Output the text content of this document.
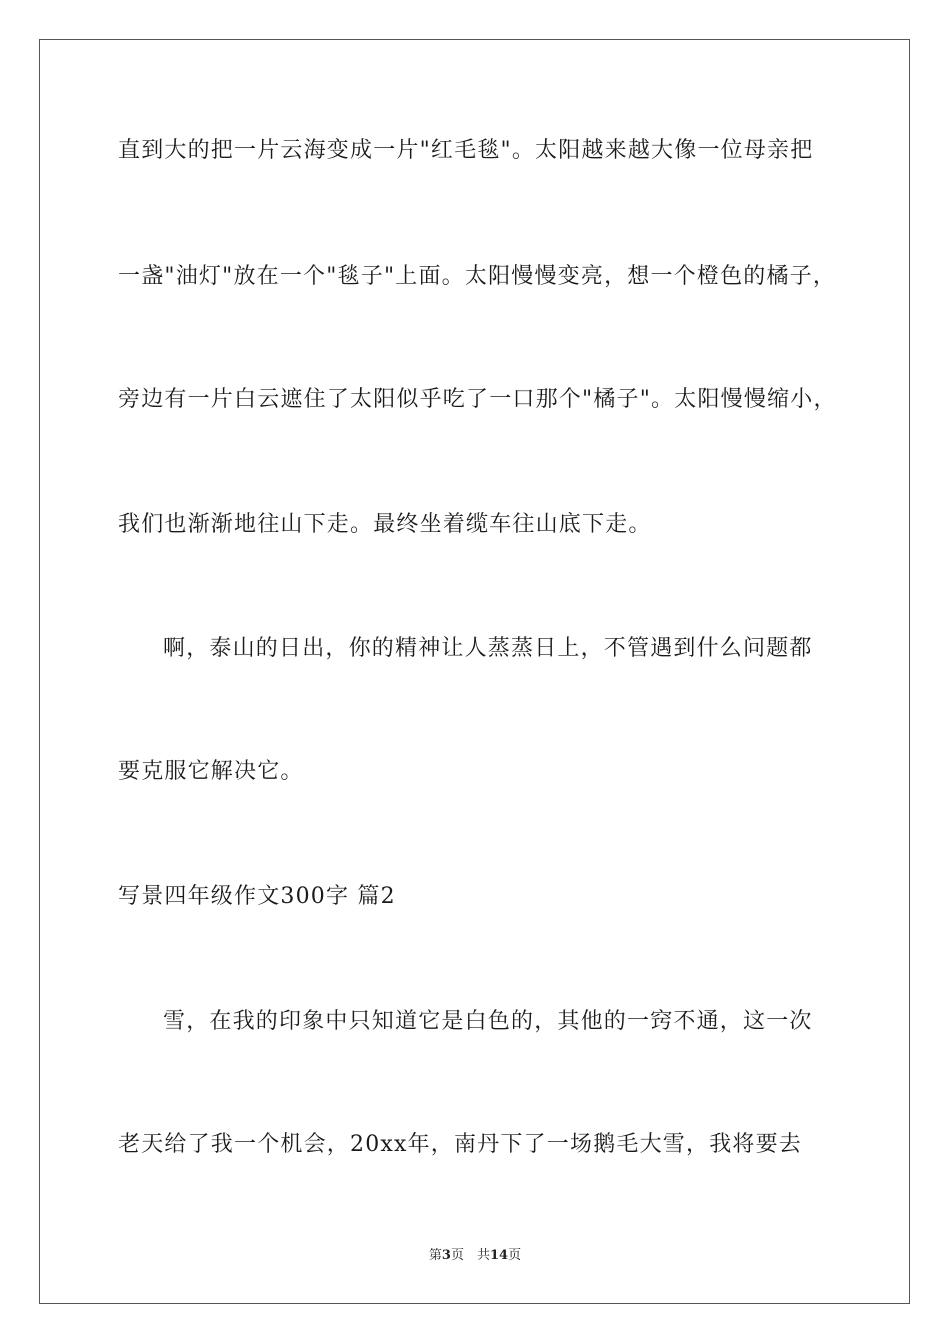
直到大的把一片云海变成一片"红毛毯"。太阳越来越大像一位母亲把
一盏"油灯"放在一个"毯子"上面。太阳慢慢变亮，想一个橙色的橘子，
旁边有一片白云遮住了太阳似乎吃了一口那个"橘子"。太阳慢慢缩小，
我们也渐渐地往山下走。最终坐着缆车往山底下走。
啊，泰山的日出，你的精神让人蒸蒸日上，不管遇到什么问题都
要克服它解决它。
写景四年级作文300字 篇2
雪，在我的印象中只知道它是白色的，其他的一窍不通，这一次
老天给了我一个机会，20xx年，南丹下了一场鹅毛大雪，我将要去
第3页　共14页
